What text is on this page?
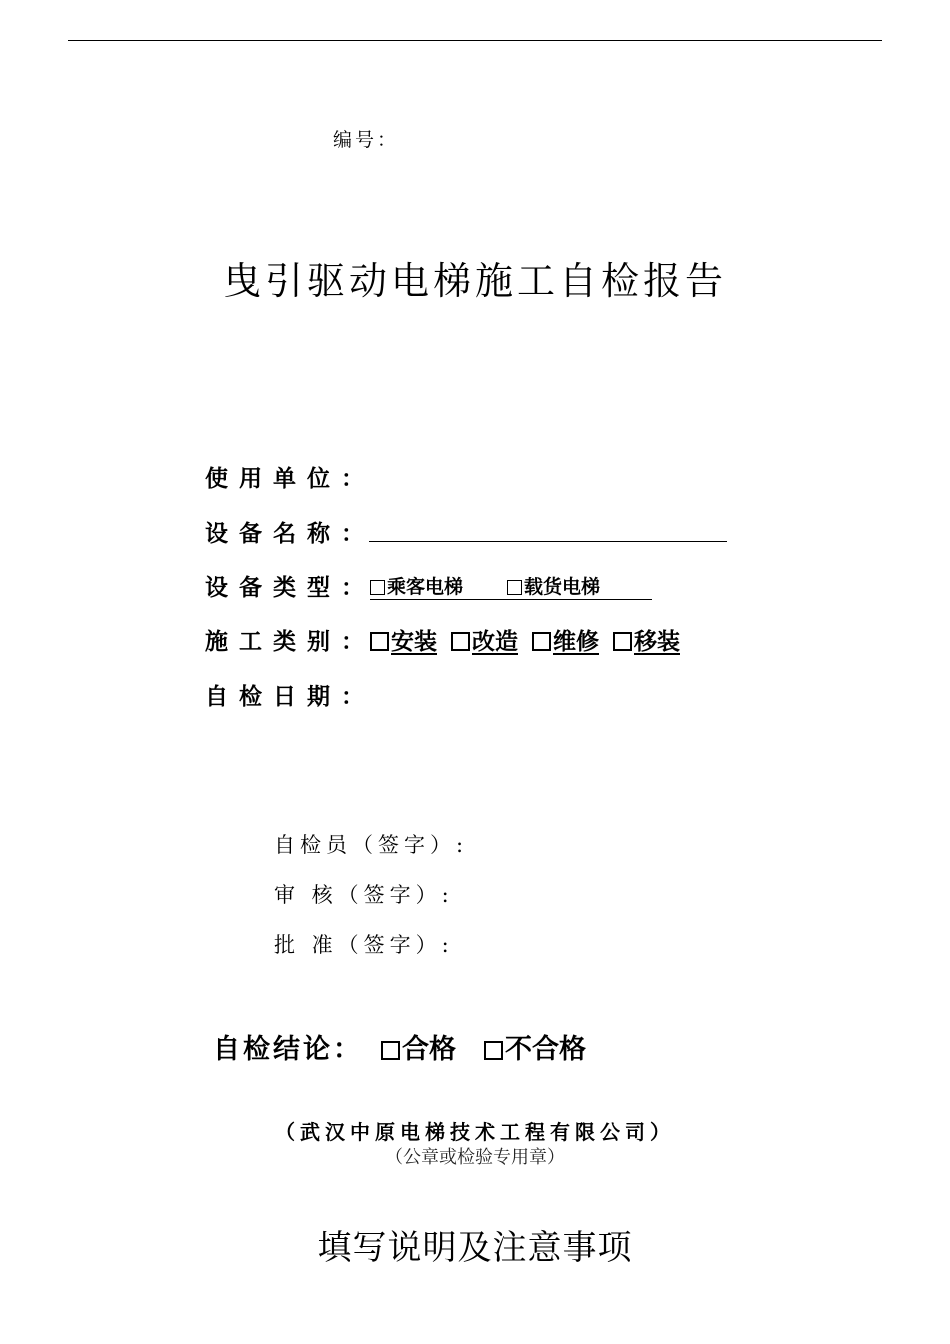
编号：
曳引驱动电梯施工自检报告
使用单位：
设备名称：
设备类型： 乘客电梯	载货电梯
施工类别： 安装 改造 维修 移装
自检日期：
自检员（签字）:
审 核（签字）:
批 准（签字）:
自检结论： 合格 不合格
（武汉中原电梯技术工程有限公司）
（公章或检验专用章）
填写说明及注意事项
